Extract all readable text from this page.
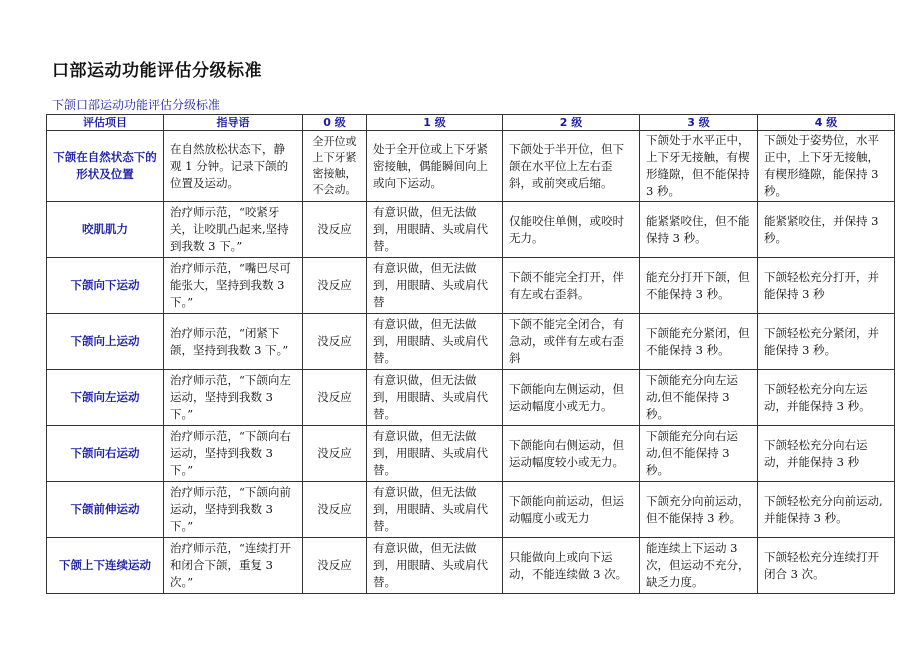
口部运动功能评估分级标准
下颌口部运动功能评估分级标准
评估项目	指导语	0 级	1 级	2 级	3 级	4 级
下颌在自然状态下的形状及位置	在自然放松状态下，静观 1 分钟。记录下颌的位置及运动。	全开位或上下牙紧密接触，不会动。	处于全开位或上下牙紧密接触，偶能瞬间向上或向下运动。	下颌处于半开位，但下颌在水平位上左右歪斜，或前突或后缩。	下颌处于水平正中，上下牙无接触，有楔形缝隙，但不能保持 3 秒。	下颌处于姿势位，水平正中，上下牙无接触，有楔形缝隙，能保持 3 秒。
咬肌肌力	治疗师示范，“咬紧牙关，让咬肌凸起来,坚持到我数 3 下。”	没反应	有意识做，但无法做到，用眼睛、头或肩代替。	仅能咬住单侧，或咬时无力。	能紧紧咬住，但不能保持 3 秒。	能紧紧咬住，并保持 3 秒。
下颌向下运动	治疗师示范，“嘴巴尽可能张大，坚持到我数 3 下。”	没反应	有意识做，但无法做到，用眼睛、头或肩代替	下颌不能完全打开，伴有左或右歪斜。	能充分打开下颌，但不能保持 3 秒。	下颌轻松充分打开，并能保持 3 秒
下颌向上运动	治疗师示范，“闭紧下颌，坚持到我数 3 下。”	没反应	有意识做，但无法做到，用眼睛、头或肩代替。	下颌不能完全闭合，有急动，或伴有左或右歪斜	下颌能充分紧闭，但不能保持 3 秒。	下颌轻松充分紧闭，并能保持 3 秒。
下颌向左运动	治疗师示范，“下颌向左运动，坚持到我数 3 下。”	没反应	有意识做，但无法做到，用眼睛、头或肩代替。	下颌能向左侧运动，但运动幅度小或无力。	下颌能充分向左运动,但不能保持 3 秒。	下颌轻松充分向左运动，并能保持 3 秒。
下颌向右运动	治疗师示范，“下颌向右运动，坚持到我数 3 下。”	没反应	有意识做，但无法做到，用眼睛、头或肩代替。	下颌能向右侧运动，但运动幅度较小或无力。	下颌能充分向右运动,但不能保持 3 秒。	下颌轻松充分向右运动，并能保持 3 秒
下颌前伸运动	治疗师示范，“下颌向前运动，坚持到我数 3 下。”	没反应	有意识做，但无法做到，用眼睛、头或肩代替。	下颌能向前运动，但运动幅度小或无力	下颌充分向前运动，但不能保持 3 秒。	下颌轻松充分向前运动,并能保持 3 秒。
下颌上下连续运动	治疗师示范，“连续打开和闭合下颌，重复 3 次。”	没反应	有意识做，但无法做到，用眼睛、头或肩代替。	只能做向上或向下运动，不能连续做 3 次。	能连续上下运动 3 次，但运动不充分，缺乏力度。	下颌轻松充分连续打开闭合 3 次。
